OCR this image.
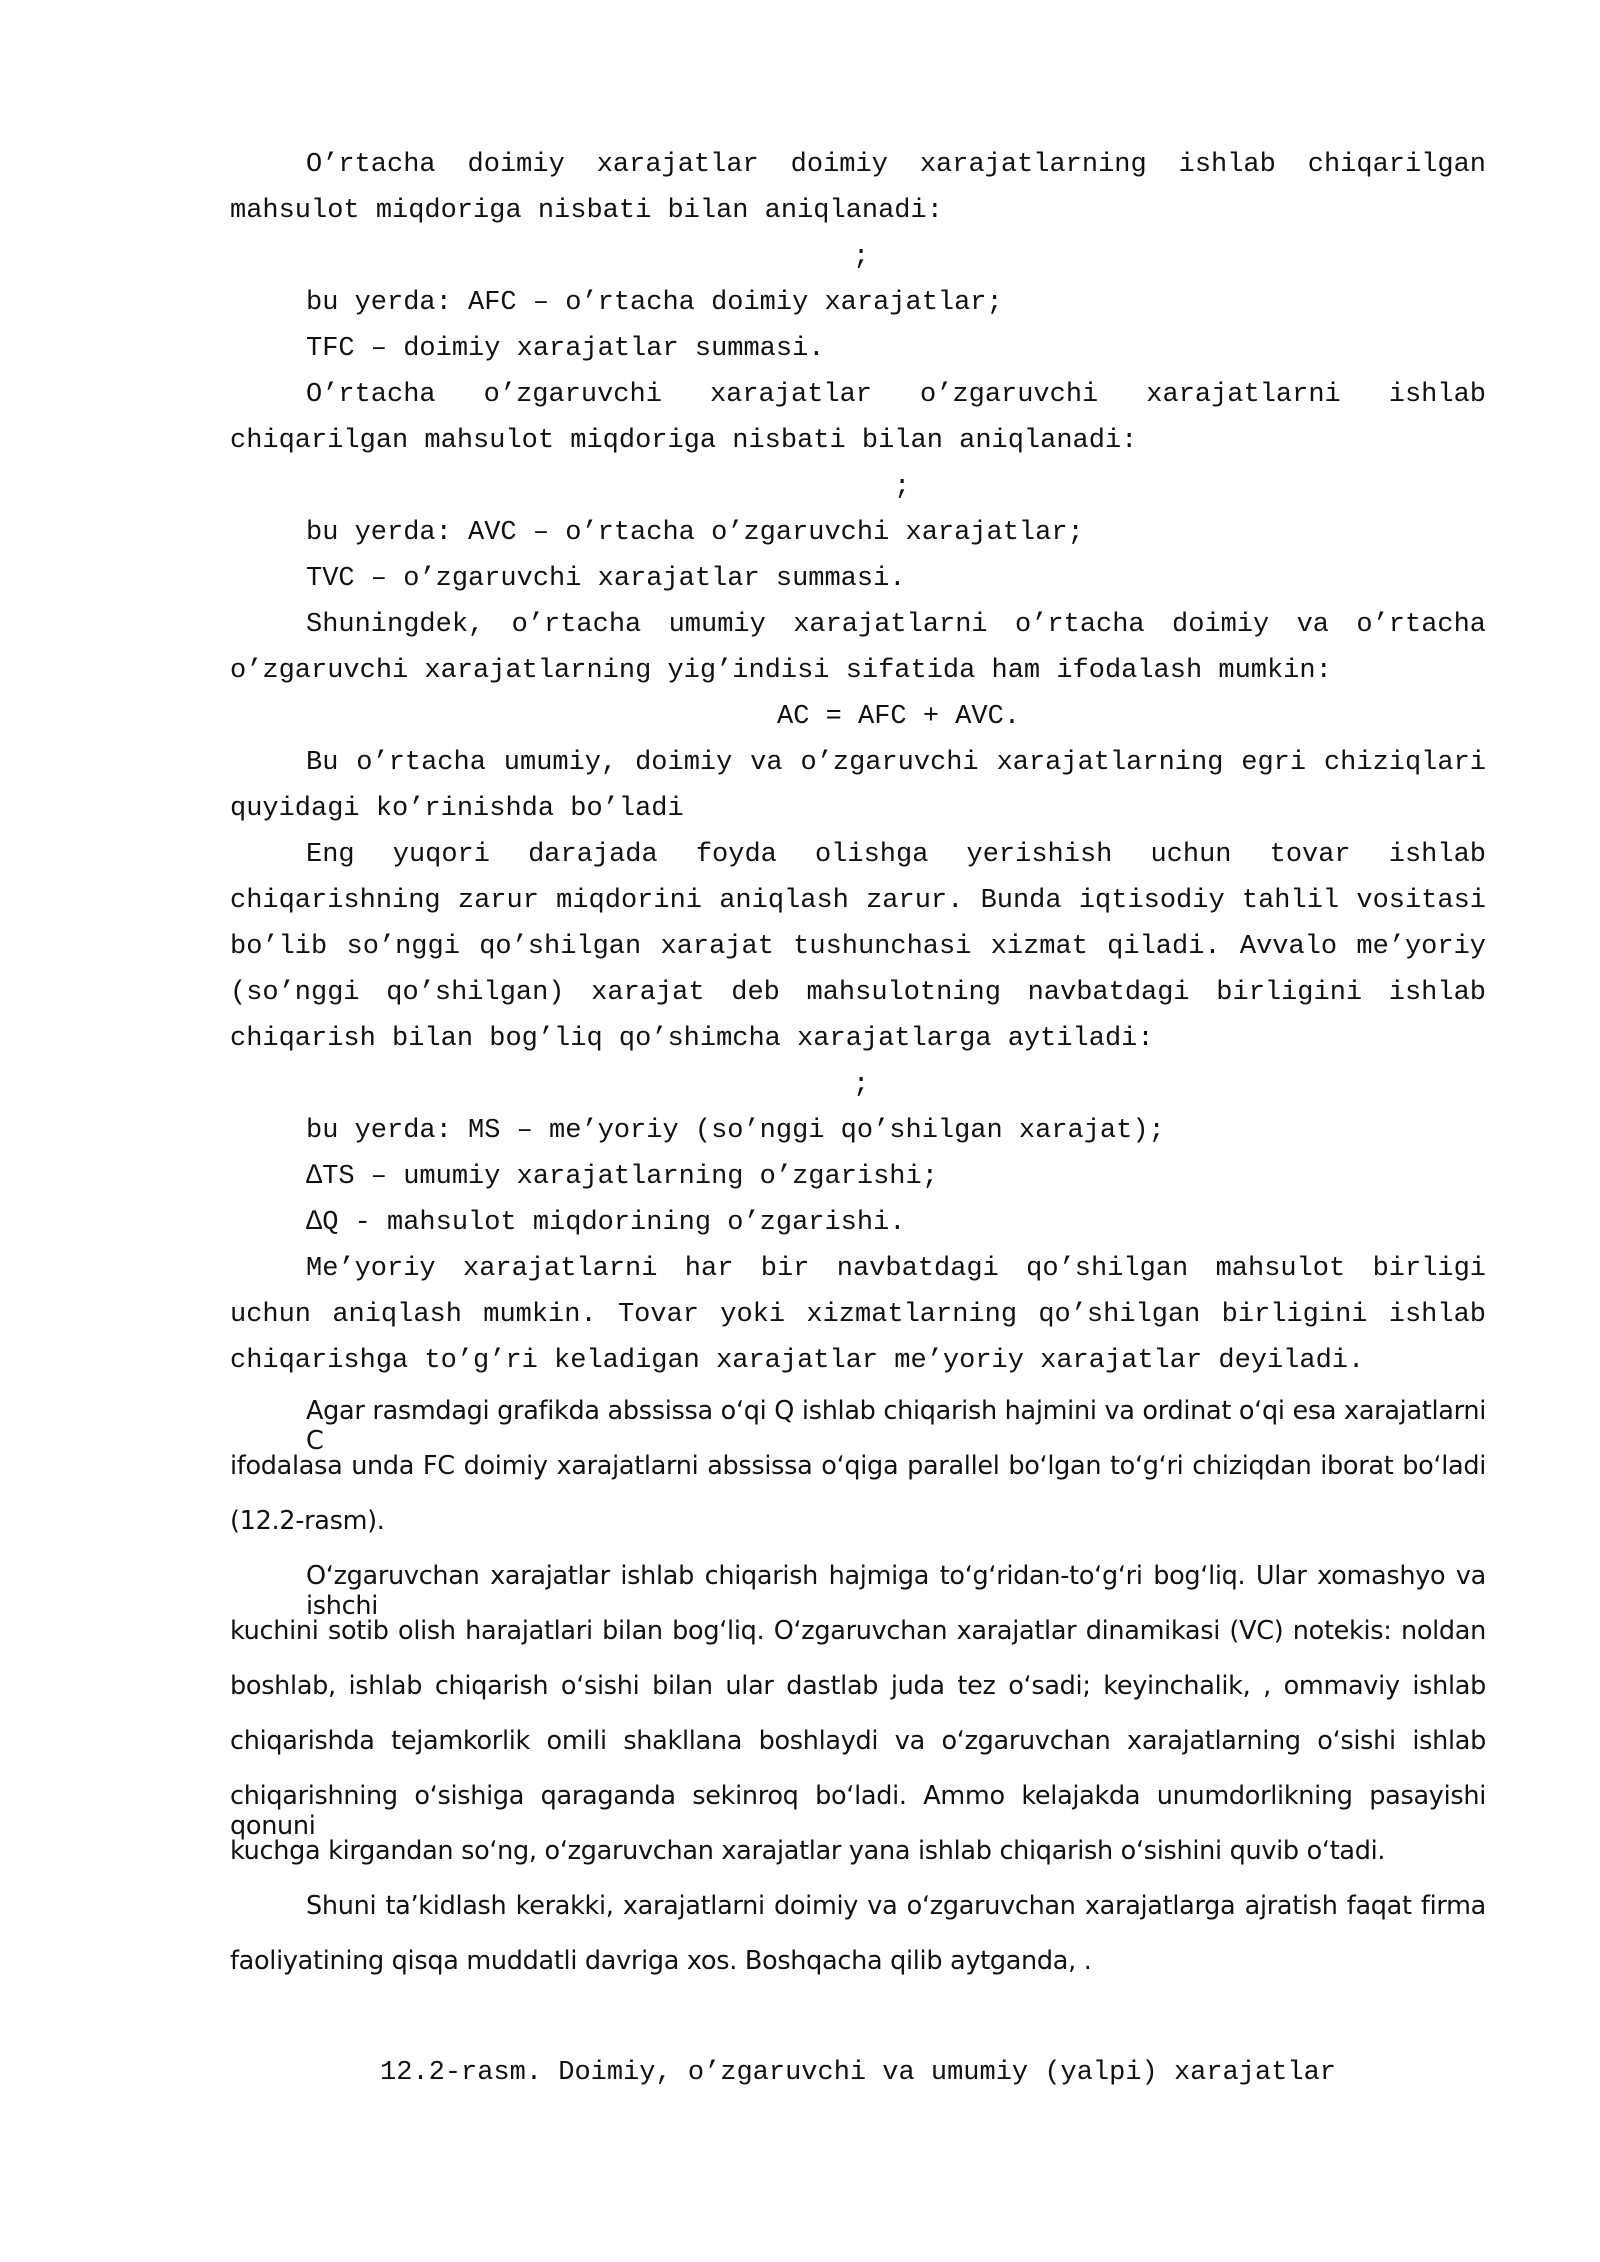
O’rtacha doimiy xarajatlar doimiy xarajatlarning ishlab chiqarilgan
mahsulot miqdoriga nisbati bilan aniqlanadi:
;
bu yerda: AFC – o’rtacha doimiy xarajatlar;
TFC – doimiy xarajatlar summasi.
O’rtacha o’zgaruvchi xarajatlar o’zgaruvchi xarajatlarni ishlab
chiqarilgan mahsulot miqdoriga nisbati bilan aniqlanadi:
;
bu yerda: AVC – o’rtacha o’zgaruvchi xarajatlar;
TVC – o’zgaruvchi xarajatlar summasi.
Shuningdek, o’rtacha umumiy xarajatlarni o’rtacha doimiy va o’rtacha
o’zgaruvchi xarajatlarning yig’indisi sifatida ham ifodalash mumkin:
AC = AFC + AVC.
Bu o’rtacha umumiy, doimiy va o’zgaruvchi xarajatlarning egri chiziqlari
quyidagi ko’rinishda bo’ladi
Eng yuqori darajada foyda olishga yerishish uchun tovar ishlab
chiqarishning zarur miqdorini aniqlash zarur. Bunda iqtisodiy tahlil vositasi
bo’lib so’nggi qo’shilgan xarajat tushunchasi xizmat qiladi. Avvalo me’yoriy
(so’nggi qo’shilgan) xarajat deb mahsulotning navbatdagi birligini ishlab
chiqarish bilan bog’liq qo’shimcha xarajatlarga aytiladi:
;
bu yerda: MS – me’yoriy (so’nggi qo’shilgan xarajat);
∆TS – umumiy xarajatlarning o’zgarishi;
∆Q - mahsulot miqdorining o’zgarishi.
Me’yoriy xarajatlarni har bir navbatdagi qo’shilgan mahsulot birligi
uchun aniqlash mumkin. Tovar yoki xizmatlarning qo’shilgan birligini ishlab
chiqarishga to’g’ri keladigan xarajatlar me’yoriy xarajatlar deyiladi.
Agar rasmdagi grafikda abssissa oʻqi Q ishlab chiqarish hajmini va ordinat oʻqi esa xarajatlarni C
ifodalasa unda FC doimiy xarajatlarni abssissa oʻqiga parallel boʻlgan toʻgʻri chiziqdan iborat boʻladi
(12.2-rasm).
Oʻzgaruvchan xarajatlar ishlab chiqarish hajmiga toʻgʻridan-toʻgʻri bogʻliq. Ular xomashyo va ishchi
kuchini sotib olish harajatlari bilan bogʻliq. Oʻzgaruvchan xarajatlar dinamikasi (VC) notekis: noldan
boshlab, ishlab chiqarish oʻsishi bilan ular dastlab juda tez oʻsadi; keyinchalik, , ommaviy ishlab
chiqarishda tejamkorlik omili shakllana boshlaydi va oʻzgaruvchan xarajatlarning oʻsishi ishlab
chiqarishning oʻsishiga qaraganda sekinroq boʻladi. Ammo kelajakda unumdorlikning pasayishi qonuni
kuchga kirgandan soʻng, oʻzgaruvchan xarajatlar yana ishlab chiqarish oʻsishini quvib oʻtadi.
Shuni taʼkidlash kerakki, xarajatlarni doimiy va oʻzgaruvchan xarajatlarga ajratish faqat firma
faoliyatining qisqa muddatli davriga xos. Boshqacha qilib aytganda, .
12.2-rasm. Doimiy, o’zgaruvchi va umumiy (yalpi) xarajatlar
